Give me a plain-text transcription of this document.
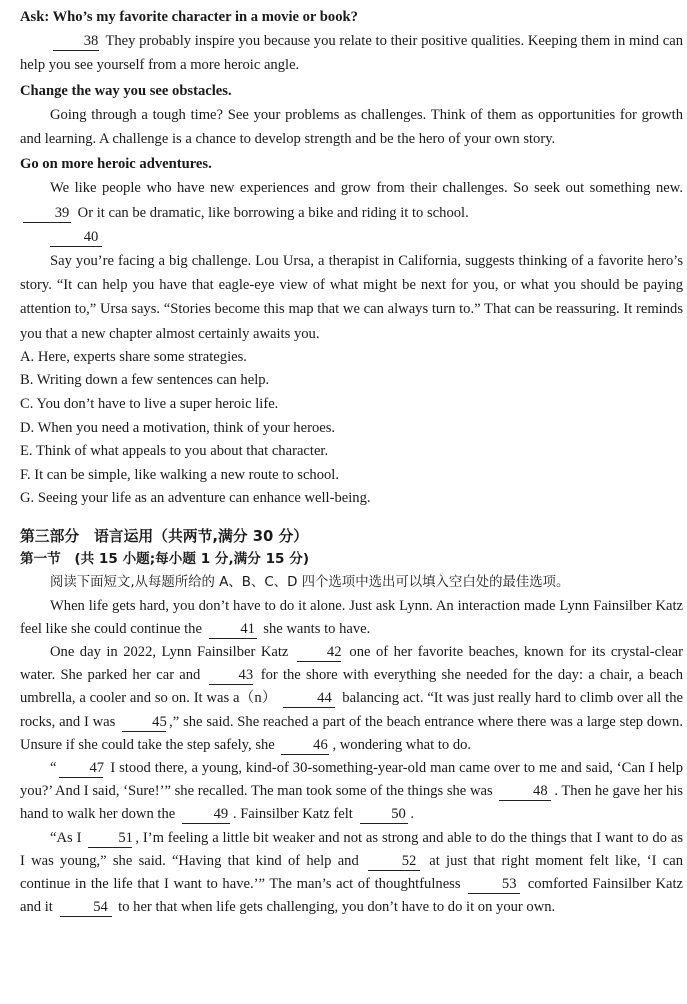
Ask: Who’s my favorite character in a movie or book?

38 They probably inspire you because you relate to their positive qualities. Keeping them in mind can help you see yourself from a more heroic angle.

Change the way you see obstacles.

Going through a tough time? See your problems as challenges. Think of them as opportunities for growth and learning. A challenge is a chance to develop strength and be the hero of your own story.

Go on more heroic adventures.

We like people who have new experiences and grow from their challenges. So seek out something new. 39 Or it can be dramatic, like borrowing a bike and riding it to school.

40

Say you’re facing a big challenge. Lou Ursa, a therapist in California, suggests thinking of a favorite hero’s story. “It can help you have that eagle-eye view of what might be next for you, or what you should be paying attention to,” Ursa says. “Stories become this map that we can always turn to.” That can be reassuring. It reminds you that a new chapter almost certainly awaits you.

A. Here, experts share some strategies.

B. Writing down a few sentences can help.

C. You don’t have to live a super heroic life.

D. When you need a motivation, think of your heroes.

E. Think of what appeals to you about that character.

F. It can be simple, like walking a new route to school.

G. Seeing your life as an adventure can enhance well-being.

第三部分　语言运用（共两节,满分 30 分）

第一节　(共 15 小题;每小题 1 分,满分 15 分)

阅读下面短文,从每题所给的 A、B、C、D 四个选项中选出可以填入空白处的最佳选项。

When life gets hard, you don’t have to do it alone. Just ask Lynn. An interaction made Lynn Fainsilber Katz feel like she could continue the	41 she wants to have.

One day in 2022, Lynn Fainsilber Katz	42 one of her favorite beaches, known for its crystal-clear water. She parked her car and	43 for the shore with everything she needed for the day: a chair, a beach umbrella, a cooler and so on. It was a（n）	44 balancing act. “It was just really hard to climb over all the rocks, and I was	45 ,” she said. She reached a part of the beach entrance where there was a large step down. Unsure if she could take the step safely, she	46 , wondering what to do.

“ 47 I stood there, a young, kind-of 30-something-year-old man came over to me and said, ‘Can I help you?’ And I said, ‘Sure!’” she recalled. The man took some of the things she was	48 . Then he gave her his hand to walk her down the	49 . Fainsilber Katz felt	50 .

“As I	51 , I’m feeling a little bit weaker and not as strong and able to do the things that I want to do as I was young,” she said. “Having that kind of help and	52 at just that right moment felt like, ‘I can continue in the life that I want to have.’” The man’s act of thoughtfulness	53 comforted Fainsilber Katz and it	54 to her that when life gets challenging, you don’t have to do it on your own.
